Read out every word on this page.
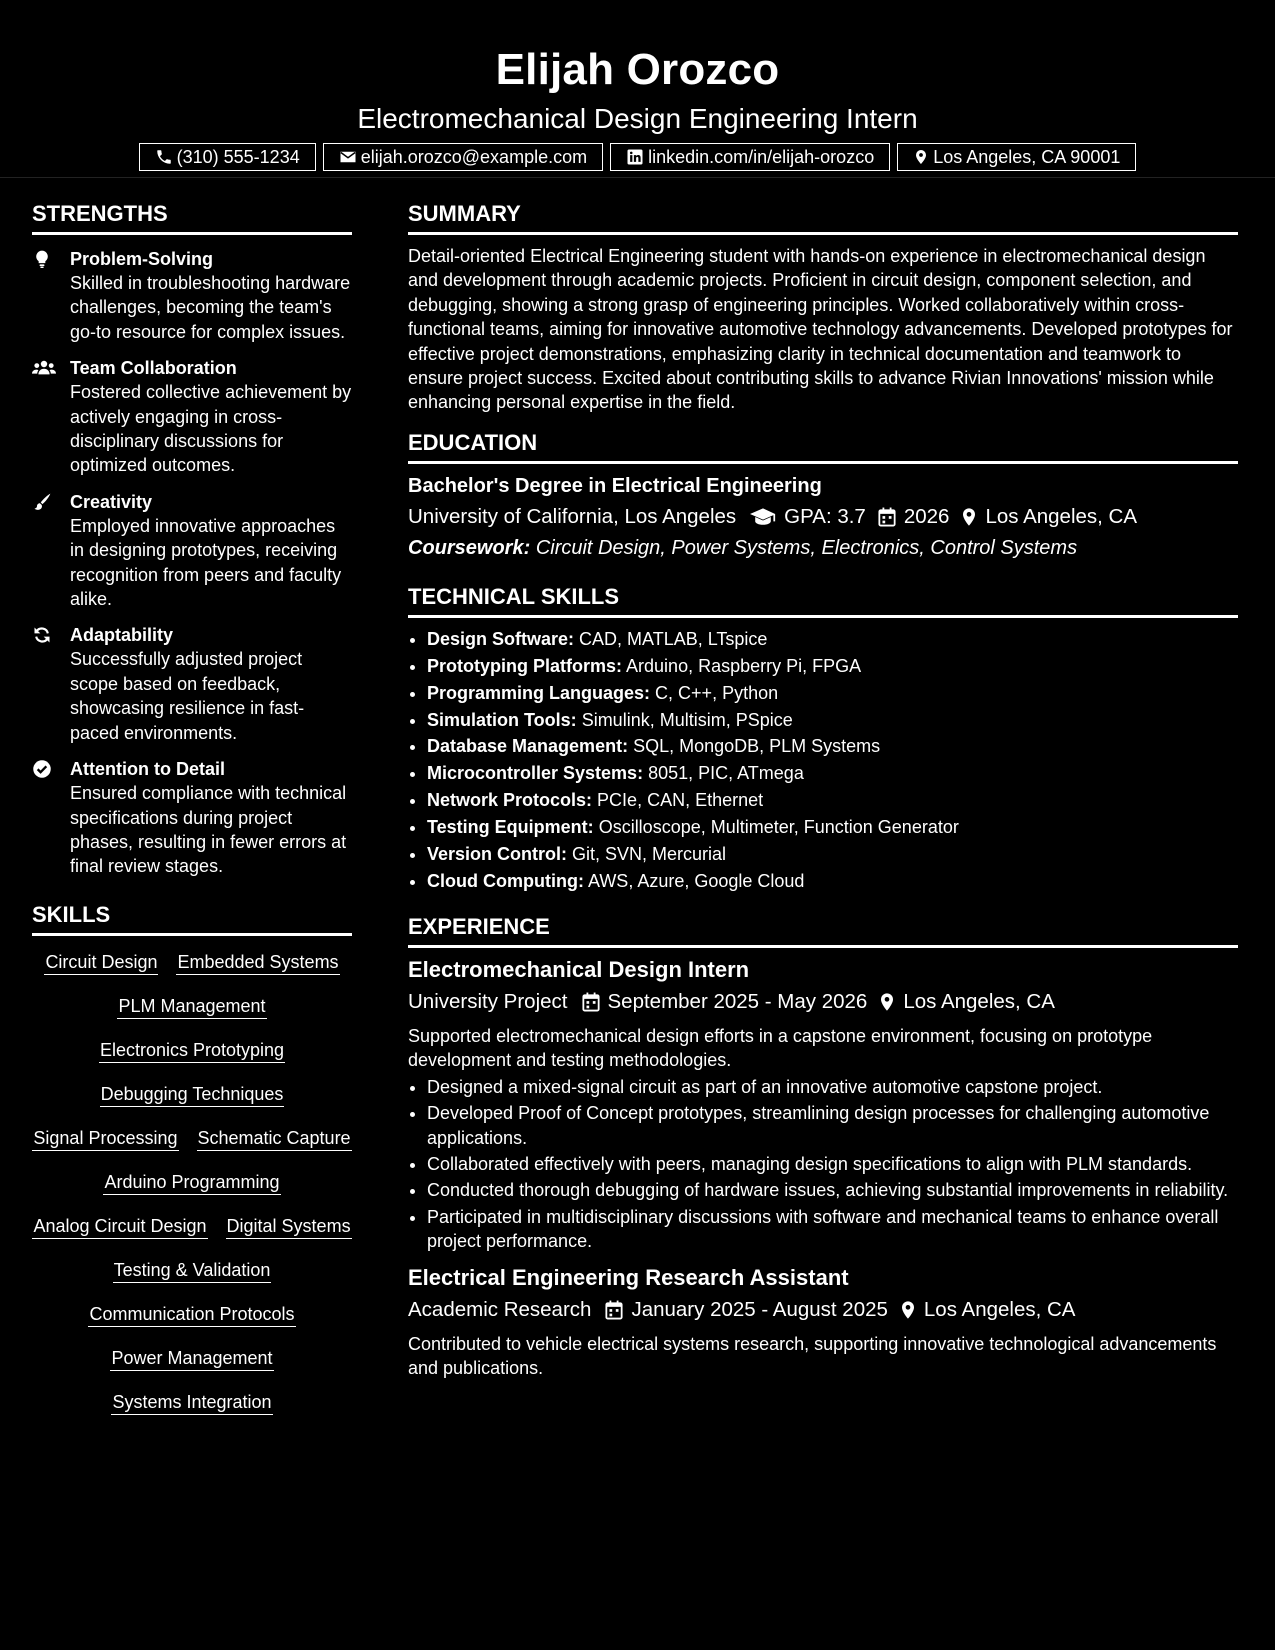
Elijah Orozco
Electromechanical Design Engineering Intern
(310) 555-1234	elijah.orozco@example.com	linkedin.com/in/elijah-orozco	Los Angeles, CA 90001
STRENGTHS
Problem-Solving
Skilled in troubleshooting hardware challenges, becoming the team's go-to resource for complex issues.
Team Collaboration
Fostered collective achievement by actively engaging in cross-disciplinary discussions for optimized outcomes.
Creativity
Employed innovative approaches in designing prototypes, receiving recognition from peers and faculty alike.
Adaptability
Successfully adjusted project scope based on feedback, showcasing resilience in fast-paced environments.
Attention to Detail
Ensured compliance with technical specifications during project phases, resulting in fewer errors at final review stages.
SKILLS
Circuit Design Embedded Systems
PLM Management
Electronics Prototyping
Debugging Techniques
Signal Processing Schematic Capture
Arduino Programming
Analog Circuit Design Digital Systems
Testing & Validation
Communication Protocols
Power Management
Systems Integration
SUMMARY

Detail-oriented Electrical Engineering student with hands-on experience in electromechanical design and development through academic projects. Proficient in circuit design, component selection, and debugging, showing a strong grasp of engineering principles. Worked collaboratively within cross-functional teams, aiming for innovative automotive technology advancements. Developed prototypes for effective project demonstrations, emphasizing clarity in technical documentation and teamwork to ensure project success. Excited about contributing skills to advance Rivian Innovations' mission while enhancing personal expertise in the field.

EDUCATION
Bachelor's Degree in Electrical Engineering
University of California, Los Angeles GPA: 3.7 2026 Los Angeles, CA
Coursework: Circuit Design, Power Systems, Electronics, Control Systems
TECHNICAL SKILLS
• Design Software: CAD, MATLAB, LTspice
• Prototyping Platforms: Arduino, Raspberry Pi, FPGA
• Programming Languages: C, C++, Python
• Simulation Tools: Simulink, Multisim, PSpice
• Database Management: SQL, MongoDB, PLM Systems
• Microcontroller Systems: 8051, PIC, ATmega
• Network Protocols: PCIe, CAN, Ethernet
• Testing Equipment: Oscilloscope, Multimeter, Function Generator
• Version Control: Git, SVN, Mercurial
• Cloud Computing: AWS, Azure, Google Cloud
EXPERIENCE
Electromechanical Design Intern
University Project September 2025 - May 2026 Los Angeles, CA
Supported electromechanical design efforts in a capstone environment, focusing on prototype development and testing methodologies.
• Designed a mixed-signal circuit as part of an innovative automotive capstone project.
• Developed Proof of Concept prototypes, streamlining design processes for challenging automotive applications.
• Collaborated effectively with peers, managing design specifications to align with PLM standards.
• Conducted thorough debugging of hardware issues, achieving substantial improvements in reliability.
• Participated in multidisciplinary discussions with software and mechanical teams to enhance overall project performance.
Electrical Engineering Research Assistant
Academic Research January 2025 - August 2025 Los Angeles, CA
Contributed to vehicle electrical systems research, supporting innovative technological advancements and publications.
